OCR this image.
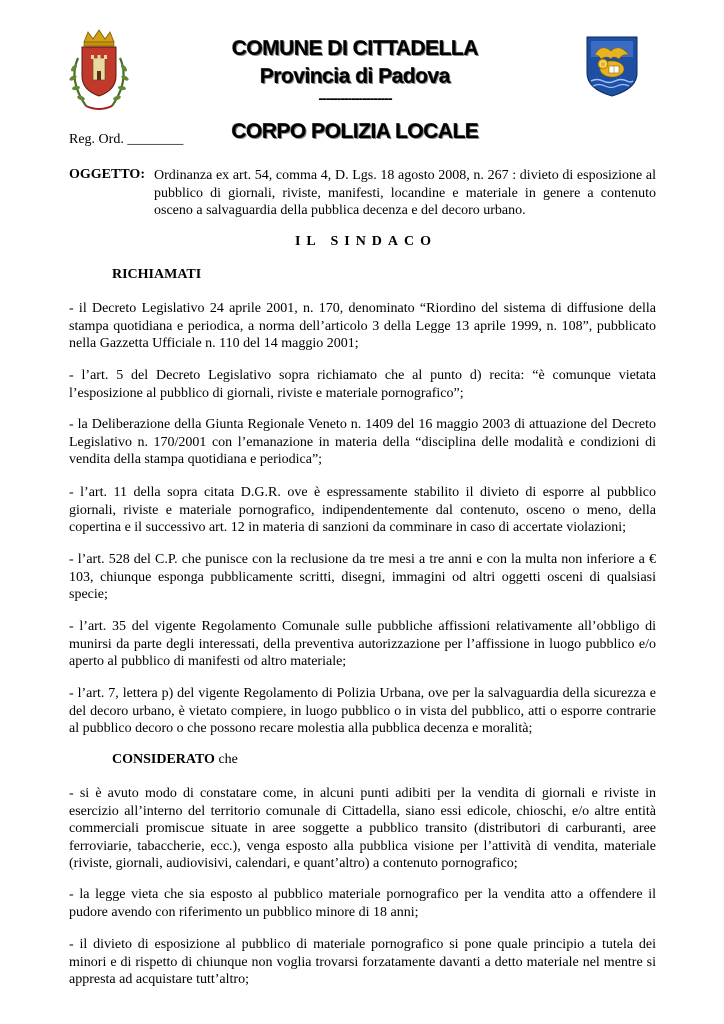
COMUNE DI CITTADELLA
Provincia di Padova
--------------------
CORPO POLIZIA LOCALE
Reg. Ord. ________
OGGETTO: Ordinanza ex art. 54, comma 4, D. Lgs. 18 agosto 2008, n. 267 : divieto di esposizione al pubblico di giornali, riviste, manifesti, locandine e materiale in genere a contenuto osceno a salvaguardia della pubblica decenza e del decoro urbano.
IL SINDACO
RICHIAMATI
- il Decreto Legislativo 24 aprile 2001, n. 170, denominato “Riordino del sistema di diffusione della stampa quotidiana e periodica, a norma dell’articolo 3 della Legge 13 aprile 1999, n. 108”, pubblicato nella Gazzetta Ufficiale n. 110 del 14 maggio 2001;
- l’art. 5 del Decreto Legislativo sopra richiamato che al punto d) recita: “è comunque vietata l’esposizione al pubblico di giornali, riviste e materiale pornografico”;
- la Deliberazione della Giunta Regionale Veneto n. 1409 del 16 maggio 2003 di attuazione del Decreto Legislativo n. 170/2001 con l’emanazione in materia della “disciplina delle modalità e condizioni di vendita della stampa quotidiana e periodica”;
- l’art. 11 della sopra citata D.G.R. ove è espressamente stabilito il divieto di esporre al pubblico giornali, riviste e materiale pornografico, indipendentemente dal contenuto, osceno o meno, della copertina e il successivo art. 12 in materia di sanzioni da comminare in caso di accertate violazioni;
- l’art. 528 del C.P. che punisce con la reclusione da tre mesi a tre anni e con la multa non inferiore a € 103, chiunque esponga pubblicamente scritti, disegni, immagini od altri oggetti osceni di qualsiasi specie;
- l’art. 35 del vigente Regolamento Comunale sulle pubbliche affissioni relativamente all’obbligo di munirsi da parte degli interessati, della preventiva autorizzazione per l’affissione in luogo pubblico e/o aperto al pubblico di manifesti od altro materiale;
- l’art. 7, lettera p) del vigente Regolamento di Polizia Urbana, ove per la salvaguardia della sicurezza e del decoro urbano, è vietato compiere, in luogo pubblico o in vista del pubblico, atti o esporre contrarie al pubblico decoro o che possono recare molestia alla pubblica decenza e moralità;
CONSIDERATO che
- si è avuto modo di constatare come, in alcuni punti adibiti per la vendita di giornali e riviste in esercizio all’interno del territorio comunale di Cittadella, siano essi edicole, chioschi, e/o altre entità commerciali promiscue situate in aree soggette a pubblico transito (distributori di carburanti, aree ferroviarie, tabaccherie, ecc.), venga esposto alla pubblica visione per l’attività di vendita, materiale (riviste, giornali, audiovisivi, calendari, e quant’altro) a contenuto pornografico;
- la legge vieta che sia esposto al pubblico materiale pornografico per la vendita atto a offendere il pudore avendo con riferimento un pubblico minore di 18 anni;
- il divieto di esposizione al pubblico di materiale pornografico si pone quale principio a tutela dei minori e di rispetto di chiunque non voglia trovarsi forzatamente davanti a detto materiale nel mentre si appresta ad acquistare tutt’altro;
